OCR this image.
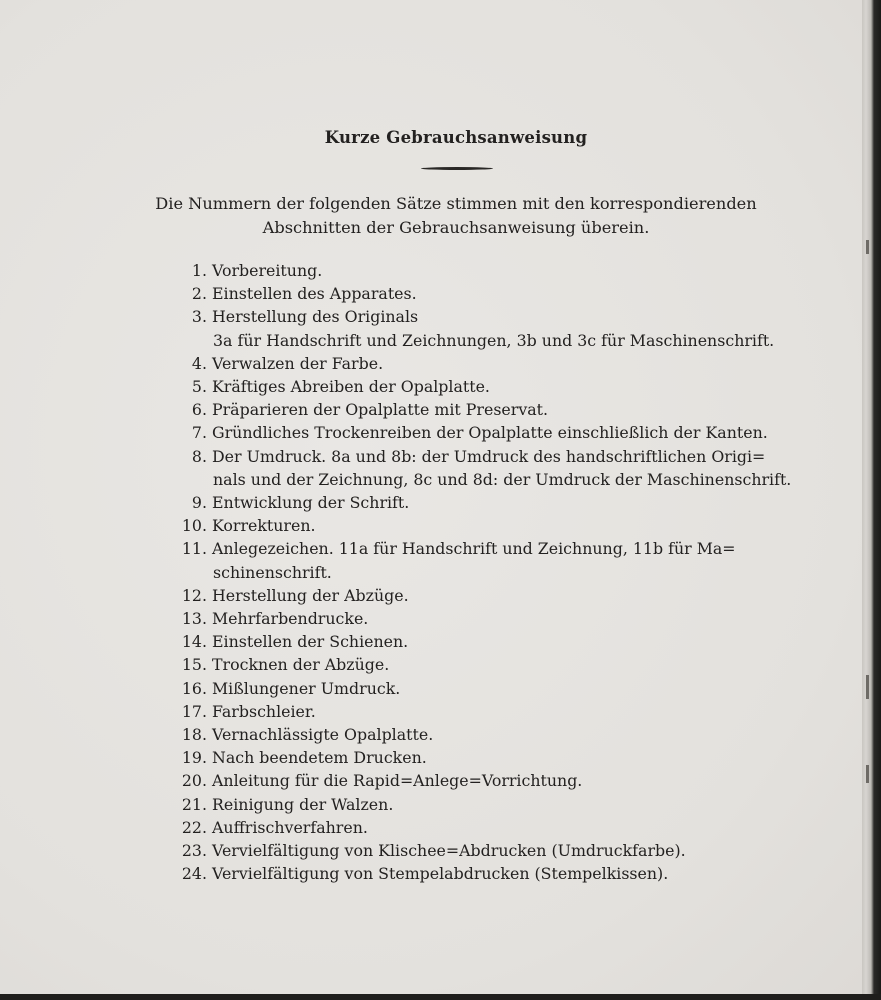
Kurze Gebrauchsanweisung
Die Nummern der folgenden Sätze stimmen mit den korrespondierenden
Abschnitten der Gebrauchsanweisung überein.
1. Vorbereitung.
2. Einstellen des Apparates.
3. Herstellung des Originals
3a für Handschrift und Zeichnungen, 3b und 3c für Maschinenschrift.
4. Verwalzen der Farbe.
5. Kräftiges Abreiben der Opalplatte.
6. Präparieren der Opalplatte mit Preservat.
7. Gründliches Trockenreiben der Opalplatte einschließlich der Kanten.
8. Der Umdruck. 8a und 8b: der Umdruck des handschriftlichen Origi=
nals und der Zeichnung, 8c und 8d: der Umdruck der Maschinenschrift.
9. Entwicklung der Schrift.
10. Korrekturen.
11. Anlegezeichen. 11a für Handschrift und Zeichnung, 11b für Ma=
schinenschrift.
12. Herstellung der Abzüge.
13. Mehrfarbendrucke.
14. Einstellen der Schienen.
15. Trocknen der Abzüge.
16. Mißlungener Umdruck.
17. Farbschleier.
18. Vernachlässigte Opalplatte.
19. Nach beendetem Drucken.
20. Anleitung für die Rapid=Anlege=Vorrichtung.
21. Reinigung der Walzen.
22. Auffrischverfahren.
23. Vervielfältigung von Klischee=Abdrucken (Umdruckfarbe).
24. Vervielfältigung von Stempelabdrucken (Stempelkissen).
